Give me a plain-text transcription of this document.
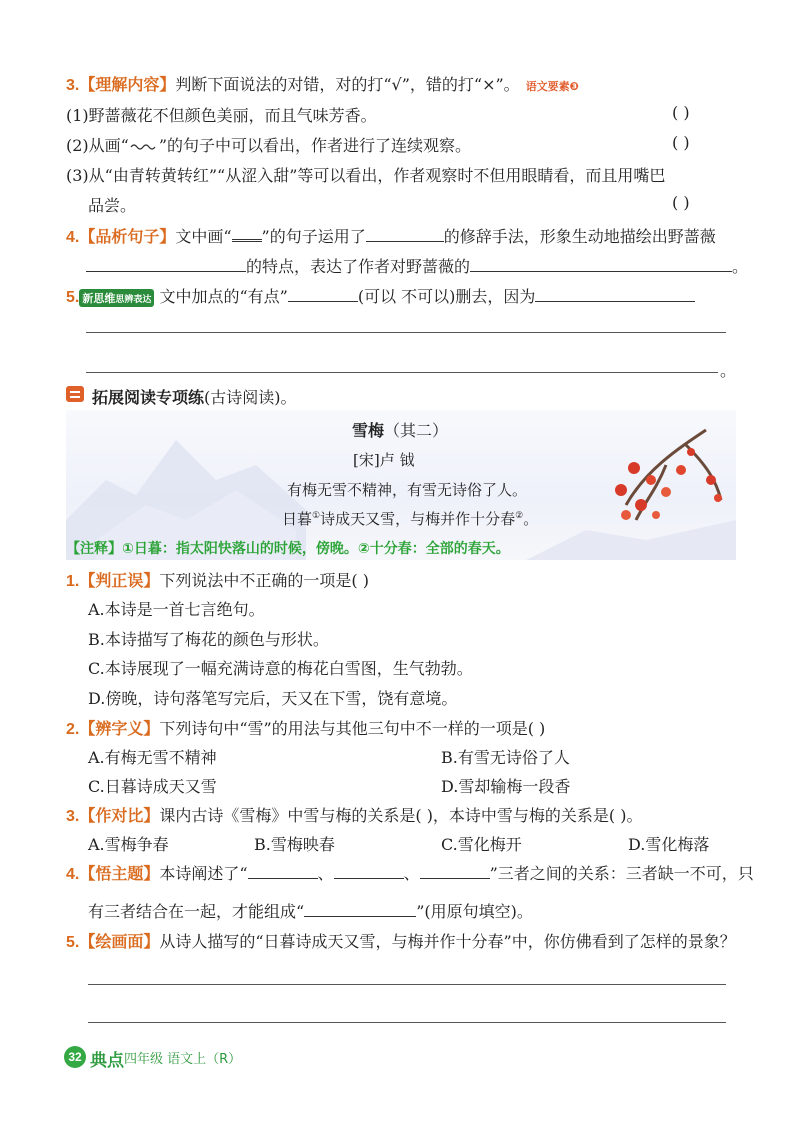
3.【理解内容】判断下面说法的对错，对的打“√”，错的打“×”。 语文要素❸
(1)野蔷薇花不但颜色美丽，而且气味芳香。	( )
(2)从画“ ”的句子中可以看出，作者进行了连续观察。	( )
(3)从“由青转黄转红”“从涩入甜”等可以看出，作者观察时不但用眼睛看，而且用嘴巴
品尝。	( )
4.【品析句子】文中画“ ”的句子运用了	的修辞手法，形象生动地描绘出野蔷薇
的特点，表达了作者对野蔷薇的	。
5. 新思维思辨表达 文中加点的“有点”	(可以 不可以)删去，因为
。
拓展阅读专项练(古诗阅读)。
雪梅（其二）
[宋]卢 钺
有梅无雪不精神，有雪无诗俗了人。
日暮①诗成天又雪，与梅并作十分春②。
【注释】①日暮：指太阳快落山的时候，傍晚。②十分春：全部的春天。
1.【判正误】下列说法中不正确的一项是( )
A.本诗是一首七言绝句。
B.本诗描写了梅花的颜色与形状。
C.本诗展现了一幅充满诗意的梅花白雪图，生气勃勃。
D.傍晚，诗句落笔写完后，天又在下雪，饶有意境。
2.【辨字义】下列诗句中“雪”的用法与其他三句中不一样的一项是( )
A.有梅无雪不精神	B.有雪无诗俗了人
C.日暮诗成天又雪	D.雪却输梅一段香
3.【作对比】课内古诗《雪梅》中雪与梅的关系是( )，本诗中雪与梅的关系是( )。
A.雪梅争春	B.雪梅映春	C.雪化梅开	D.雪化梅落
4.【悟主题】本诗阐述了“	、	、	”三者之间的关系：三者缺一不可，只
有三者结合在一起，才能组成“	”(用原句填空)。
5.【绘画面】从诗人描写的“日暮诗成天又雪，与梅并作十分春”中，你仿佛看到了怎样的景象？
32 典点 四年级 语文上（R）
